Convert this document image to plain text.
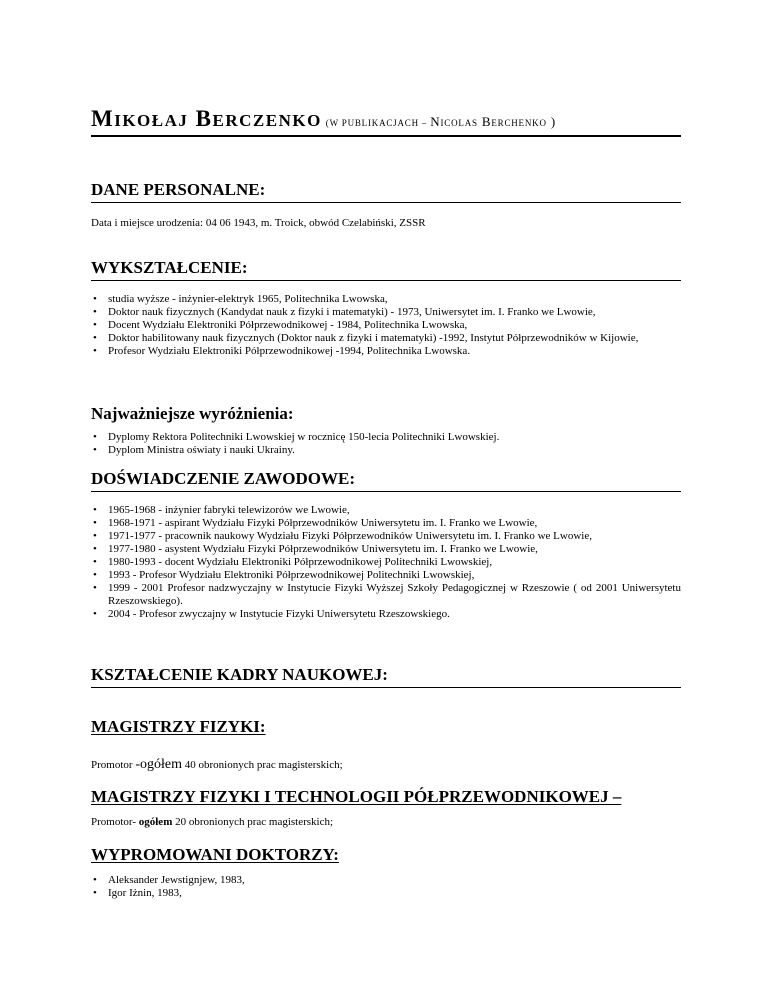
MIKOŁAJ BERCZENKO (W PUBLIKACJACH – NICOLAS BERCHENKO )
DANE PERSONALNE:
Data i miejsce urodzenia: 04 06 1943, m. Troick, obwód Czelabiński, ZSSR
WYKSZTAŁCENIE:
• studia wyższe - inżynier-elektryk 1965, Politechnika Lwowska,
• Doktor nauk fizycznych (Kandydat nauk z fizyki i matematyki) - 1973, Uniwersytet im. I. Franko we Lwowie,
• Docent Wydziału Elektroniki Półprzewodnikowej - 1984, Politechnika Lwowska,
• Doktor habilitowany nauk fizycznych (Doktor nauk z fizyki i matematyki) -1992, Instytut Półprzewodników w Kijowie,
• Profesor Wydziału Elektroniki Półprzewodnikowej -1994, Politechnika Lwowska.
Najważniejsze wyróżnienia:
• Dyplomy Rektora Politechniki Lwowskiej w rocznicę 150-lecia Politechniki Lwowskiej.
• Dyplom Ministra oświaty i nauki Ukrainy.
DOŚWIADCZENIE ZAWODOWE:
• 1965-1968 - inżynier fabryki telewizorów we Lwowie,
• 1968-1971 - aspirant Wydziału Fizyki Półprzewodników Uniwersytetu im. I. Franko we Lwowie,
• 1971-1977 - pracownik naukowy Wydziału Fizyki Półprzewodników Uniwersytetu im. I. Franko we Lwowie,
• 1977-1980 - asystent Wydziału Fizyki Półprzewodników Uniwersytetu im. I. Franko we Lwowie,
• 1980-1993 - docent Wydziału Elektroniki Półprzewodnikowej Politechniki Lwowskiej,
• 1993 - Profesor Wydziału Elektroniki Półprzewodnikowej Politechniki Lwowskiej,
• 1999 - 2001 Profesor nadzwyczajny w Instytucie Fizyki Wyższej Szkoły Pedagogicznej w Rzeszowie ( od 2001 Uniwersytetu Rzeszowskiego).
• 2004 - Profesor zwyczajny w Instytucie Fizyki Uniwersytetu Rzeszowskiego.
KSZTAŁCENIE KADRY NAUKOWEJ:
MAGISTRZY FIZYKI:
Promotor -ogółem 40 obronionych prac magisterskich;
MAGISTRZY FIZYKI I TECHNOLOGII PÓŁPRZEWODNIKOWEJ –
Promotor- ogółem 20 obronionych prac magisterskich;
WYPROMOWANI DOKTORZY:
• Aleksander Jewstignjew, 1983,
• Igor Iżnin, 1983,
